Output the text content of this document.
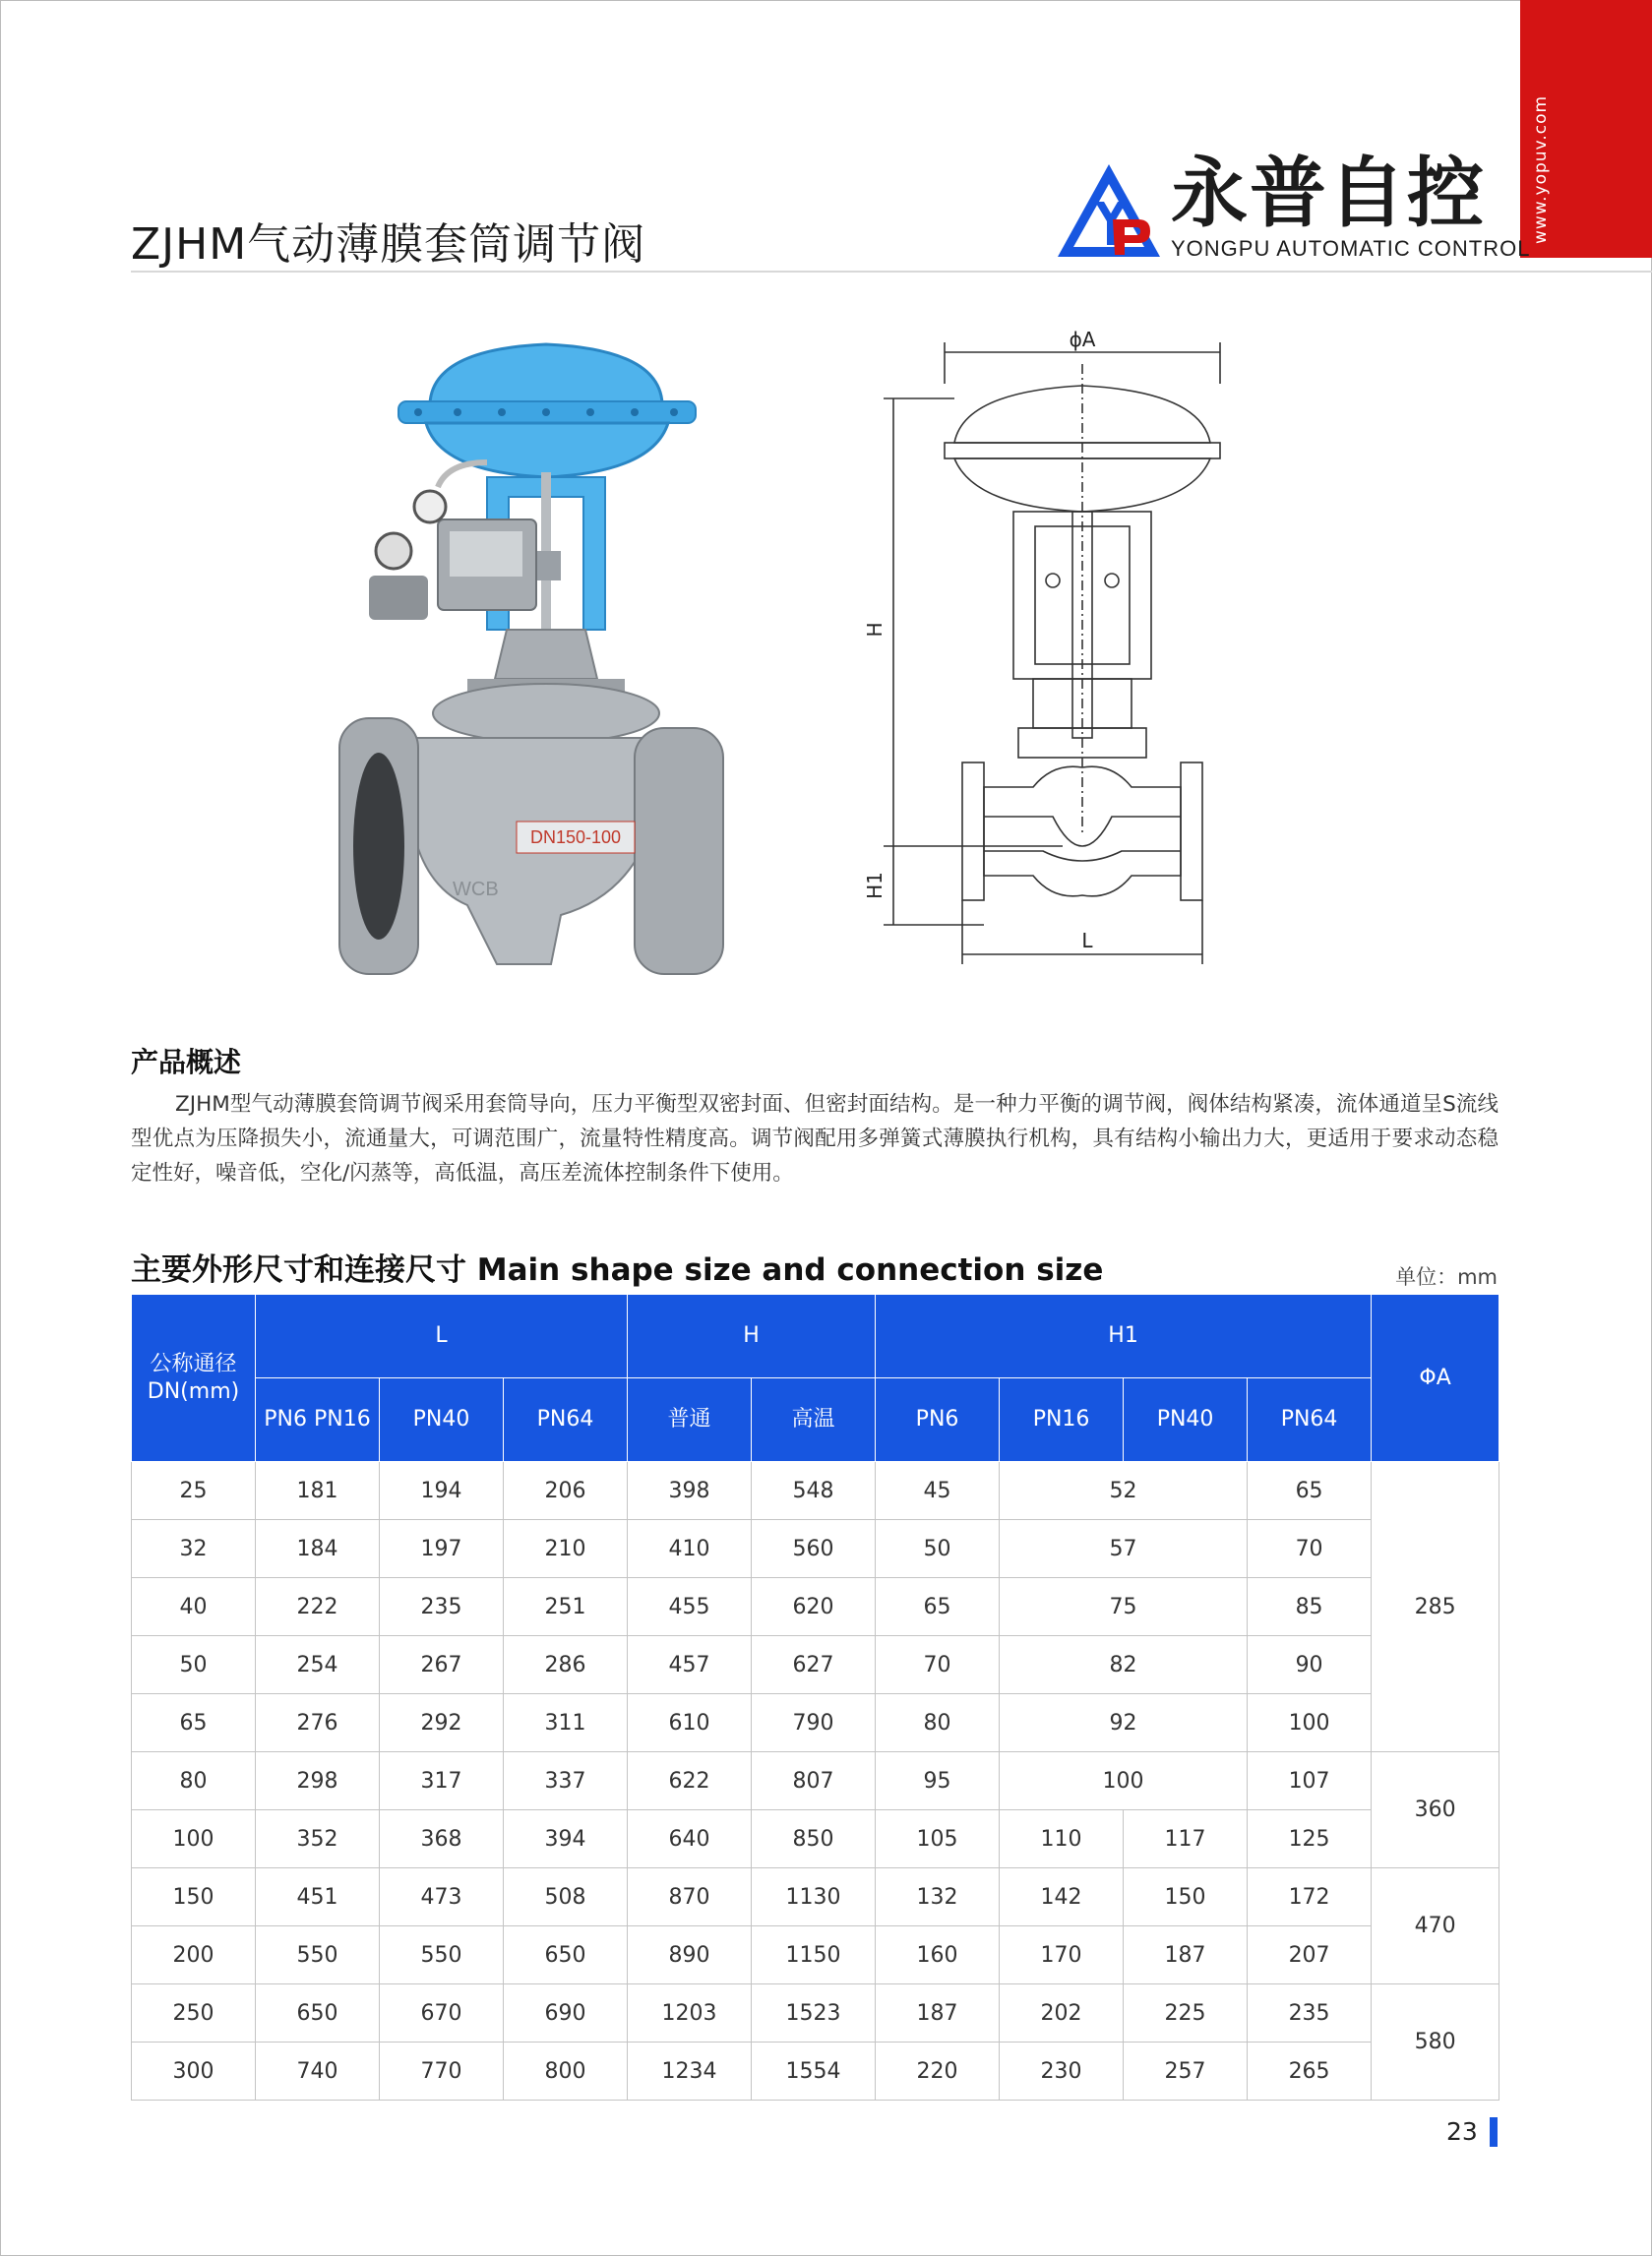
www.yopuv.com
永普自控
YONGPU AUTOMATIC CONTROL
ZJHM气动薄膜套筒调节阀
DN150-100
WCB
ϕA
H
H1
L
产品概述
ZJHM型气动薄膜套筒调节阀采用套筒导向，压力平衡型双密封面、但密封面结构。是一种力平衡的调节阀，阀体结构紧凑，流体通道呈S流线型优点为压降损失小，流通量大，可调范围广，流量特性精度高。调节阀配用多弹簧式薄膜执行机构，具有结构小输出力大，更适用于要求动态稳定性好，噪音低，空化/闪蒸等，高低温，高压差流体控制条件下使用。
主要外形尺寸和连接尺寸 Main shape size and connection size	单位：mm
公称通径 DN(mm)	L			H		H1				ΦA
	PN6 PN16	PN40	PN64	普通	高温	PN6	PN16	PN40	PN64	
25	181	194	206	398	548	45	52		65	285
32	184	197	210	410	560	50	57		70	
40	222	235	251	455	620	65	75		85	
50	254	267	286	457	627	70	82		90	
65	276	292	311	610	790	80	92		100	
80	298	317	337	622	807	95	100		107	360
100	352	368	394	640	850	105	110	117	125	
150	451	473	508	870	1130	132	142	150	172	470
200	550	550	650	890	1150	160	170	187	207	
250	650	670	690	1203	1523	187	202	225	235	580
300	740	770	800	1234	1554	220	230	257	265	
23
